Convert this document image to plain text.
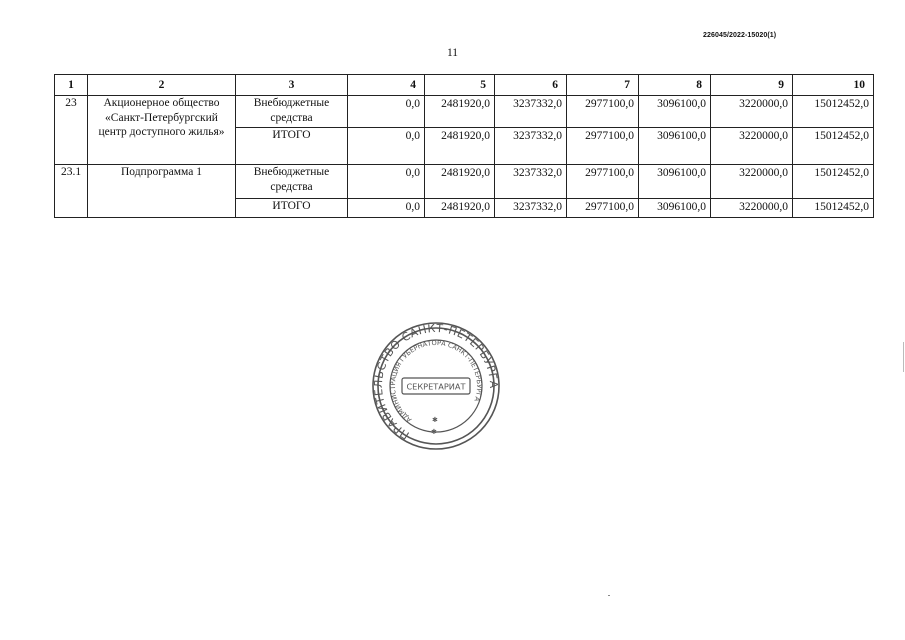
226045/2022-15020(1)
11
1	2	3	4	5	6	7	8	9	10
23	Акционерное общество «Санкт-Петербургский центр доступного жилья»	Внебюджетные средства	0,0	2481920,0	3237332,0	2977100,0	3096100,0	3220000,0	15012452,0
		ИТОГО	0,0	2481920,0	3237332,0	2977100,0	3096100,0	3220000,0	15012452,0
23.1	Подпрограмма 1	Внебюджетные средства	0,0	2481920,0	3237332,0	2977100,0	3096100,0	3220000,0	15012452,0
		ИТОГО	0,0	2481920,0	3237332,0	2977100,0	3096100,0	3220000,0	15012452,0
ПРАВИТЕЛЬСТВО САНКТ-ПЕТЕРБУРГА
АДМИНИСТРАЦИЯ ГУБЕРНАТОРА САНКТ-ПЕТЕРБУРГА
СЕКРЕТАРИАТ
✱
✱
